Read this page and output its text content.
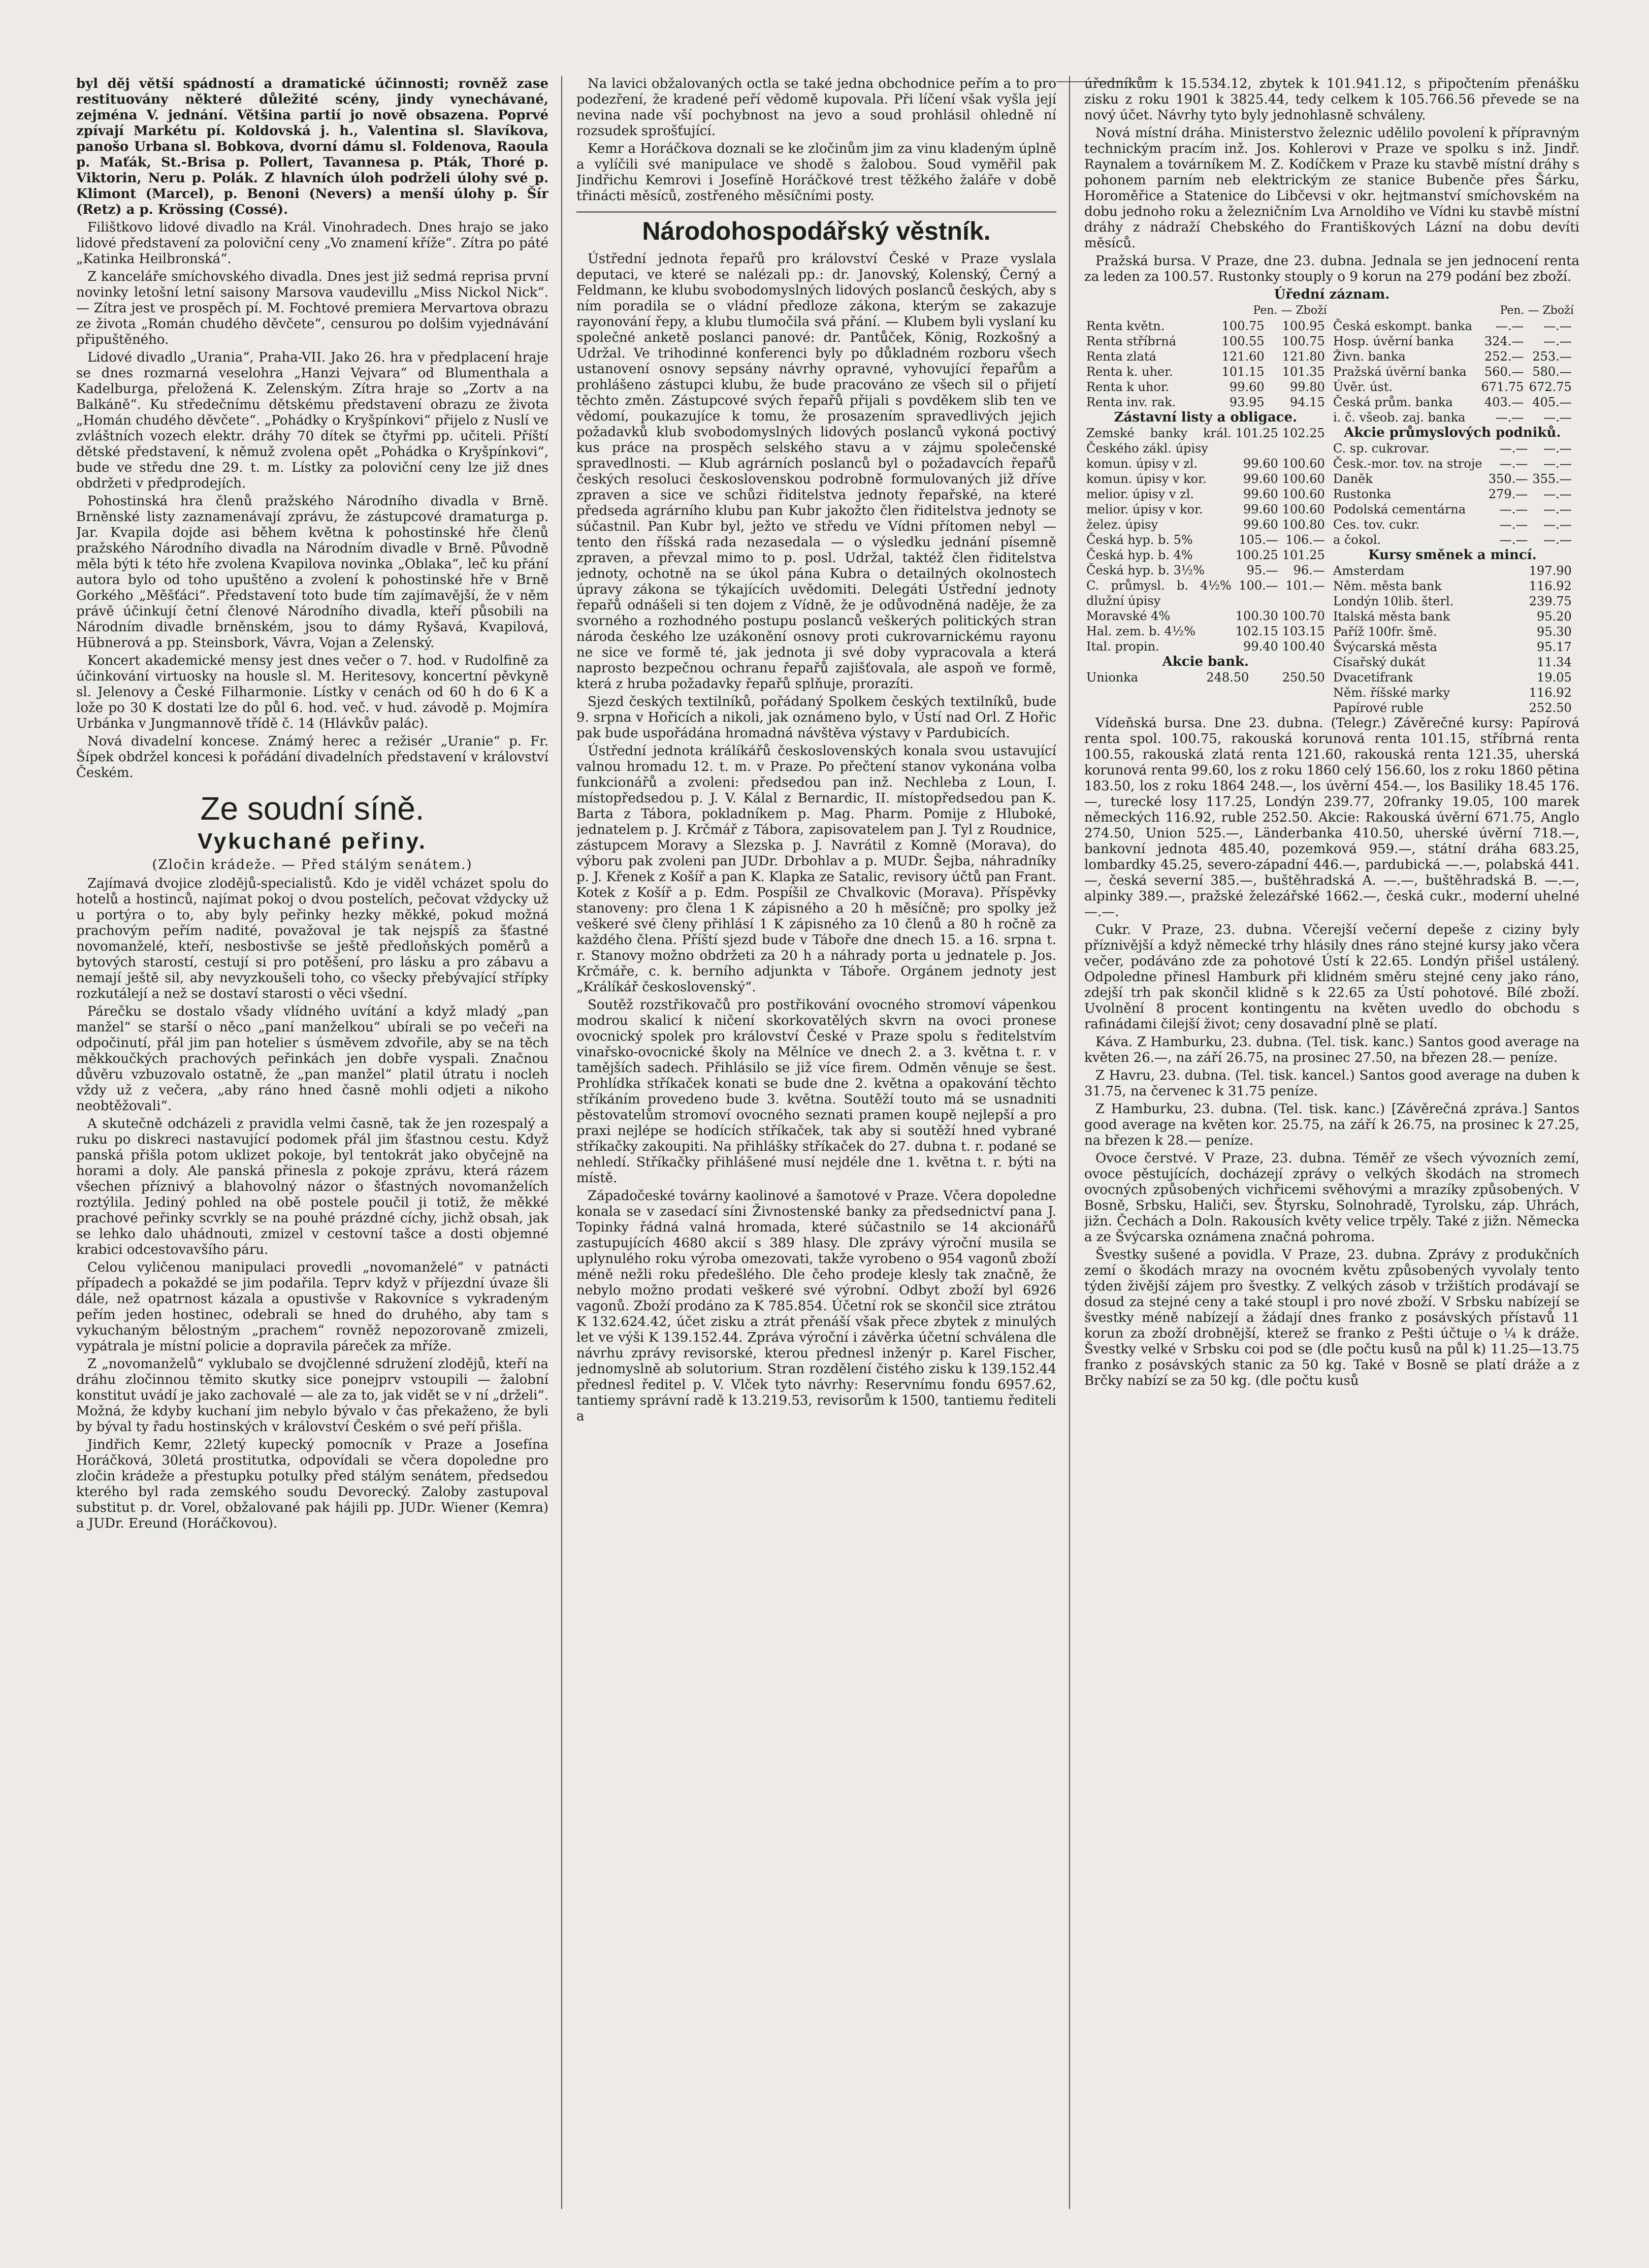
byl děj větší spádností a dramatické účinnosti; rovněž zase restituovány některé důležité scény, jindy vynechávané, zejména V. jednání. Většina partií jo nově obsazena. Poprvé zpívají Markétu pí. Koldovská j. h., Valentina sl. Slavíkova, panošo Urbana sl. Bobkova, dvorní dámu sl. Foldenova, Raoula p. Maťák, St.-Brisa p. Pollert, Tavannesa p. Pták, Thoré p. Viktorin, Neru p. Polák. Z hlavních úloh podrželi úlohy své p. Klimont (Marcel), p. Benoni (Nevers) a menší úlohy p. Šír (Retz) a p. Krössing (Cossé).

Filištkovo lidové divadlo na Král. Vinohradech. Dnes hrajo se jako lidové představení za poloviční ceny „Vo znamení kříže“. Zítra po páté „Katinka Heilbronská“.

Z kanceláře smíchovského divadla. Dnes jest již sedmá reprisa první novinky letošní letní saisony Marsova vaudevillu „Miss Nickol Nick“. — Zítra jest ve prospěch pí. M. Fochtové premiera Mervartova obrazu ze života „Román chudého děvčete“, censurou po dolšim vyjednávání připuštěného.

Lidové divadlo „Urania“, Praha-VII. Jako 26. hra v předplacení hraje se dnes rozmarná veselohra „Hanzi Vejvara“ od Blumenthala a Kadelburga, přeložená K. Zelenským. Zítra hraje so „Zortv a na Balkáně“. Ku středečnímu dětskému představení obrazu ze života „Homán chudého děvčete“. „Pohádky o Kryšpínkovi“ přijelo z Nuslí ve zvláštních vozech elektr. dráhy 70 dítek se čtyřmi pp. učiteli. Příští dětské představení, k němuž zvolena opět „Pohádka o Kryšpínkovi“, bude ve středu dne 29. t. m. Lístky za poloviční ceny lze již dnes obdržeti v předprodejích.

Pohostinská hra členů pražského Národního divadla v Brně. Brněnské listy zaznamenávají zprávu, že zástupcové dramaturga p. Jar. Kvapila dojde asi během května k pohostinské hře členů pražského Národního divadla na Národním divadle v Brně. Původně měla býti k této hře zvolena Kvapilova novinka „Oblaka“, leč ku přání autora bylo od toho upuštěno a zvolení k pohostinské hře v Brně Gorkého „Měšťáci“. Představení toto bude tím zajímavější, že v něm právě účinkují četní členové Národního divadla, kteří působili na Národním divadle brněnském, jsou to dámy Ryšavá, Kvapilová, Hübnerová a pp. Steinsbork, Vávra, Vojan a Zelenský.

Koncert akademické mensy jest dnes večer o 7. hod. v Rudolfině za účinkování virtuosky na housle sl. M. Heritesovy, koncertní pěvkyně sl. Jelenovy a České Filharmonie. Lístky v cenách od 60 h do 6 K a lože po 30 K dostati lze do půl 6. hod. več. v hud. závodě p. Mojmíra Urbánka v Jungmannově třídě č. 14 (Hlávkův palác).

Nová divadelní koncese. Známý herec a režisér „Uranie“ p. Fr. Šípek obdržel koncesi k pořádání divadelních představení v království Českém.

Ze soudní síně.
Vykuchané peřiny.

(Zločin krádeže. — Před stálým senátem.)

Zajímavá dvojice zlodějů-specialistů. Kdo je viděl vcházet spolu do hotelů a hostinců, najímat pokoj o dvou postelích, pečovat vždycky už u portýra o to, aby byly peřinky hezky měkké, pokud možná prachovým peřím nadité, považoval je tak nejspíš za šťastné novomanželé, kteří, nesbostivše se ještě předloňských poměrů a bytových starostí, cestují si pro potěšení, pro lásku a pro zábavu a nemají ještě sil, aby nevyzkoušeli toho, co všecky přebývající střípky rozkutálejí a než se dostaví starosti o věci všední.

Párečku se dostalo všady vlídného uvítání a když mladý „pan manžel“ se starší o něco „paní manželkou“ ubírali se po večeři na odpočinutí, přál jim pan hotelier s úsměvem zdvořile, aby se na těch měkkoučkých prachových peřinkách jen dobře vyspali. Značnou důvěru vzbuzovalo ostatně, že „pan manžel“ platil útratu i nocleh vždy už z večera, „aby ráno hned časně mohli odjeti a nikoho neobtěžovali“.

A skutečně odcházeli z pravidla velmi časně, tak že jen rozespalý a ruku po diskreci nastavující podomek přál jim šťastnou cestu. Když panská přišla potom uklizet pokoje, byl tentokrát jako obyčejně na horami a doly. Ale panská přinesla z pokoje zprávu, která rázem všechen příznivý a blahovolný názor o šťastných novomanželích roztýlila. Jediný pohled na obě postele poučil ji totiž, že měkké prachové peřinky scvrkly se na pouhé prázdné cíchy, jichž obsah, jak se lehko dalo uhádnouti, zmizel v cestovní tašce a dosti objemné krabici odcestovavšího páru.

Celou vyličenou manipulaci provedli „novomanželé“ v patnácti případech a pokaždé se jim podařila. Teprv když v příjezdní úvaze šli dále, než opatrnost kázala a opustivše v Rakovníce s vykradeným peřím jeden hostinec, odebrali se hned do druhého, aby tam s vykuchaným bělostným „prachem“ rovněž nepozorovaně zmizeli, vypátrala je místní policie a dopravila páreček za mříže.

Z „novomanželů“ vyklubalo se dvojčlenné sdružení zlodějů, kteří na dráhu zločinnou těmito skutky sice ponejprv vstoupili — žalobní konstitut uvádí je jako zachovalé — ale za to, jak vidět se v ní „drželi“. Možná, že kdyby kuchaní jim nebylo bývalo v čas překaženo, že byli by býval ty řadu hostinských v království Českém o své peří přišla.

Jindřich Kemr, 22letý kupecký pomocník v Praze a Josefína Horáčková, 30letá prostitutka, odpovídali se včera dopoledne pro zločin krádeže a přestupku potulky před stálým senátem, předsedou kterého byl rada zemského soudu Devorecký. Zaloby zastupoval substitut p. dr. Vorel, obžalované pak hájili pp. JUDr. Wiener (Kemra) a JUDr. Ereund (Horáčkovou).

Na lavici obžalovaných octla se také jedna obchodnice peřím a to pro podezření, že kradené peří vědomě kupovala. Při líčení však vyšla její nevina nade vší pochybnost na jevo a soud prohlásil ohledně ní rozsudek sprošťující.

Kemr a Horáčkova doznali se ke zločinům jim za vinu kladeným úplně a vylíčili své manipulace ve shodě s žalobou. Soud vyměřil pak Jindřichu Kemrovi i Josefíně Horáčkové trest těžkého žaláře v době třinácti měsíců, zostřeného měsíčními posty.

Národohospodářský věstník.

Ústřední jednota řepařů pro království České v Praze vyslala deputaci, ve které se nalézali pp.: dr. Janovský, Kolenský, Černý a Feldmann, ke klubu svobodomyslných lidových poslanců českých, aby s ním poradila se o vládní předloze zákona, kterým se zakazuje rayonování řepy, a klubu tlumočila svá přání. — Klubem byli vyslaní ku společné anketě poslanci panové: dr. Pantůček, König, Rozkošný a Udržal. Ve trihodinné konferenci byly po důkladném rozboru všech ustanovení osnovy sepsány návrhy opravné, vyhovující řepařům a prohlášeno zástupci klubu, že bude pracováno ze všech sil o přijetí těchto změn. Zástupcové svých řepařů přijali s povděkem slib ten ve vědomí, poukazujíce k tomu, že prosazením spravedlivých jejich požadavků klub svobodomyslných lidových poslanců vykoná poctivý kus práce na prospěch selského stavu a v zájmu společenské spravedlnosti. — Klub agrárních poslanců byl o požadavcích řepařů českých resoluci československou podrobně formulovaných již dříve zpraven a sice ve schůzi řiditelstva jednoty řepařské, na které předseda agrárního klubu pan Kubr jakožto člen řiditelstva jednoty se súčastnil. Pan Kubr byl, ježto ve středu ve Vídni přítomen nebyl — tento den říšská rada nezasedala — o výsledku jednání písemně zpraven, a převzal mimo to p. posl. Udržal, taktéž člen řiditelstva jednoty, ochotně na se úkol pána Kubra o detailných okolnostech úpravy zákona se týkajících uvědomiti. Delegáti Ústřední jednoty řepařů odnášeli si ten dojem z Vídně, že je odůvodněná naděje, že za svorného a rozhodného postupu poslanců veškerých politických stran národa českého lze uzákonění osnovy proti cukrovarnickému rayonu ne sice ve formě té, jak jednota ji své doby vypracovala a která naprosto bezpečnou ochranu řepařů zajišťovala, ale aspoň ve formě, která z hruba požadavky řepařů splňuje, prorazíti.

Sjezd českých textilníků, pořádaný Spolkem českých textilníků, bude 9. srpna v Hořicích a nikoli, jak oznámeno bylo, v Ústí nad Orl. Z Hořic pak bude uspořádána hromadná návštěva výstavy v Pardubicích.

Ústřední jednota králíkářů československých konala svou ustavující valnou hromadu 12. t. m. v Praze. Po přečtení stanov vykonána volba funkcionářů a zvoleni: předsedou pan inž. Nechleba z Loun, I. místopředsedou p. J. V. Kálal z Bernardic, II. místopředsedou pan K. Barta z Tábora, pokladníkem p. Mag. Pharm. Pomije z Hluboké, jednatelem p. J. Krčmář z Tábora, zapisovatelem pan J. Tyl z Roudnice, zástupcem Moravy a Slezska p. J. Navrátil z Komně (Morava), do výboru pak zvoleni pan JUDr. Drbohlav a p. MUDr. Šejba, náhradníky p. J. Křenek z Košíř a pan K. Klapka ze Satalic, revisory účtů pan Frant. Kotek z Košíř a p. Edm. Pospíšil ze Chvalkovic (Morava). Příspěvky stanoveny: pro člena 1 K zápisného a 20 h měsíčně; pro spolky jež veškeré své členy přihlásí 1 K zápisného za 10 členů a 80 h ročně za každého člena. Příští sjezd bude v Táboře dne dnech 15. a 16. srpna t. r. Stanovy možno obdržeti za 20 h a náhrady porta u jednatele p. Jos. Krčmáře, c. k. berního adjunkta v Táboře. Orgánem jednoty jest „Králíkář československý“.

Soutěž rozstřikovačů pro postřikování ovocného stromoví vápenkou modrou skalicí k ničení skorkovatělých skvrn na ovoci pronese ovocnický spolek pro království České v Praze spolu s ředitelstvím vinařsko-ovocnické školy na Mělníce ve dnech 2. a 3. května t. r. v tamějších sadech. Přihlásilo se již více firem. Odměn věnuje se šest. Prohlídka stříkaček konati se bude dne 2. května a opakování těchto stříkáním provedeno bude 3. května. Soutěží touto má se usnadniti pěstovatelům stromoví ovocného seznati pramen koupě nejlepší a pro praxi nejlépe se hodících stříkaček, tak aby si soutěží hned vybrané stříkačky zakoupiti. Na přihlášky stříkaček do 27. dubna t. r. podané se nehledí. Stříkačky přihlášené musí nejdéle dne 1. května t. r. býti na místě.

Západočeské továrny kaolinové a šamotové v Praze. Včera dopoledne konala se v zasedací síni Živnostenské banky za předsednictví pana J. Topinky řádná valná hromada, které súčastnilo se 14 akcionářů zastupujících 4680 akcií s 389 hlasy. Dle zprávy výroční musila se uplynulého roku výroba omezovati, takže vyrobeno o 954 vagonů zboží méně nežli roku předešlého. Dle čeho prodeje klesly tak značně, že nebylo možno prodati veškeré své výrobní. Odbyt zboží byl 6926 vagonů. Zboží prodáno za K 785.854. Účetní rok se skončil sice ztrátou K 132.624.42, účet zisku a ztrát přenáší však přece zbytek z minulých let ve výši K 139.152.44. Zpráva výroční i závěrka účetní schválena dle návrhu zprávy revisorské, kterou přednesl inženýr p. Karel Fischer, jednomyslně ab solutorium. Stran rozdělení čistého zisku k 139.152.44 přednesl ředitel p. V. Vlček tyto návrhy: Reservnímu fondu 6957.62, tantiemy správní radě k 13.219.53, revisorům k 1500, tantiemu řediteli a

úředníkům k 15.534.12, zbytek k 101.941.12, s připočtením přenášku zisku z roku 1901 k 3825.44, tedy celkem k 105.766.56 převede se na nový účet. Návrhy tyto byly jednohlasně schváleny.

Nová místní dráha. Ministerstvo železnic udělilo povolení k přípravným technickým pracím inž. Jos. Kohlerovi v Praze ve spolku s inž. Jindř. Raynalem a továrníkem M. Z. Kodíčkem v Praze ku stavbě místní dráhy s pohonem parním neb elektrickým ze stanice Bubenče přes Šárku, Horoměřice a Statenice do Libčevsi v okr. hejtmanství smíchovském na dobu jednoho roku a železničním Lva Arnoldiho ve Vídni ku stavbě místní dráhy z nádraží Chebského do Františkových Lázní na dobu devíti měsíců.

Pražská bursa. V Praze, dne 23. dubna. Jednala se jen jednocení renta za leden za 100.57. Rustonky stouply o 9 korun na 279 podání bez zboží.

Úřední záznam.
Pen. — Zboží
Renta květn.	100.75	100.95
Renta stříbrná	100.55	100.75
Renta zlatá	121.60	121.80
Renta k. uher.	101.15	101.35
Renta k uhor.	99.60	99.80
Renta inv. rak.	93.95	94.15
Zástavní listy a obligace.
Zemské banky král. Českého zákl. úpisy	101.25	102.25
komun. úpisy v zl.	99.60	100.60
komun. úpisy v kor.	99.60	100.60
melior. úpisy v zl.	99.60	100.60
melior. úpisy v kor.	99.60	100.60
želez. úpisy	99.60	100.80
Česká hyp. b. 5%	105.—	106.—
Česká hyp. b. 4%	100.25	101.25
Česká hyp. b. 3½%	95.—	96.—
C. průmysl. b. 4½% dlužní úpisy	100.—	101.—
Moravské 4%	100.30	100.70
Hal. zem. b. 4½%	102.15	103.15
Ital. propin.	99.40	100.40
Akcie bank.
Unionka	248.50	250.50

Pen. — Zboží
Česká eskompt. banka	—.—	—.—
Hosp. úvěrní banka	324.—	—.—
Živn. banka	252.—	253.—
Pražská úvěrní banka	560.—	580.—
Úvěr. úst.	671.75	672.75
Česká prům. banka	403.—	405.—
i. č. všeob. zaj. banka	—.—	—.—
Akcie průmyslových podniků.
C. sp. cukrovar.	—.—	—.—
Česk.-mor. tov. na stroje	—.—	—.—
Daněk	350.—	355.—
Rustonka	279.—	—.—
Podolská cementárna	—.—	—.—
Ces. tov. cukr.	—.—	—.—
a čokol.	—.—	—.—
Kursy směnek a mincí.
Amsterdam	197.90
Něm. města bank	116.92
Londýn 10lib. šterl.	239.75
Italská města bank	95.20
Paříž 100fr. šmě.	95.30
Švýcarská města	95.17
Císařský dukát	11.34
Dvacetifrank	19.05
Něm. říšské marky	116.92
Papírové ruble	252.50

Vídeňská bursa. Dne 23. dubna. (Telegr.) Závěrečné kursy: Papírová renta spol. 100.75, rakouská korunová renta 101.15, stříbrná renta 100.55, rakouská zlatá renta 121.60, rakouská renta 121.35, uherská korunová renta 99.60, los z roku 1860 celý 156.60, los z roku 1860 pětina 183.50, los z roku 1864 248.—, los úvěrní 454.—, los Basiliky 18.45 176.—, turecké losy 117.25, Londýn 239.77, 20franky 19.05, 100 marek německých 116.92, ruble 252.50. Akcie: Rakouská úvěrní 671.75, Anglo 274.50, Union 525.—, Länderbanka 410.50, uherské úvěrní 718.—, bankovní jednota 485.40, pozemková 959.—, státní dráha 683.25, lombardky 45.25, severo-západní 446.—, pardubická —.—, polabská 441.—, česká severní 385.—, buštěhradská A. —.—, buštěhradská B. —.—, alpinky 389.—, pražské železářské 1662.—, česká cukr., moderní uhelné —.—.

Cukr. V Praze, 23. dubna. Včerejší večerní depeše z ciziny byly příznivější a když německé trhy hlásily dnes ráno stejné kursy jako včera večer, podáváno zde za pohotové Ústí k 22.65. Londýn přišel ustálený. Odpoledne přinesl Hamburk při klidném směru stejné ceny jako ráno, zdejší trh pak skončil klidně s k 22.65 za Ústí pohotové. Bílé zboží. Uvolnění 8 procent kontingentu na květen uvedlo do obchodu s rafinádami čilejší život; ceny dosavadní plně se platí.

Káva. Z Hamburku, 23. dubna. (Tel. tisk. kanc.) Santos good average na květen 26.—, na září 26.75, na prosinec 27.50, na březen 28.— peníze.

Z Havru, 23. dubna. (Tel. tisk. kancel.) Santos good average na duben k 31.75, na červenec k 31.75 peníze.

Z Hamburku, 23. dubna. (Tel. tisk. kanc.) [Závěrečná zpráva.] Santos good average na květen kor. 25.75, na září k 26.75, na prosinec k 27.25, na březen k 28.— peníze.

Ovoce čerstvé. V Praze, 23. dubna. Téměř ze všech vývozních zemí, ovoce pěstujících, docházejí zprávy o velkých škodách na stromech ovocných způsobených vichřicemi svěhovými a mrazíky způsobených. V Bosně, Srbsku, Haliči, sev. Štyrsku, Solnohradě, Tyrolsku, záp. Uhrách, jižn. Čechách a Doln. Rakousích květy velice trpěly. Také z jižn. Německa a ze Švýcarska oznámena značná pohroma.

Švestky sušené a povidla. V Praze, 23. dubna. Zprávy z produkčních zemí o škodách mrazy na ovocném květu způsobených vyvolaly tento týden živější zájem pro švestky. Z velkých zásob v tržištích prodávají se dosud za stejné ceny a také stoupl i pro nové zboží. V Srbsku nabízejí se švestky méně nabízejí a žádají dnes franko z posávských přístavů 11 korun za zboží drobnější, kterež se franko z Pešti účtuje o ¼ k dráže. Švestky velké v Srbsku coi pod se (dle počtu kusů na půl k) 11.25—13.75 franko z posávských stanic za 50 kg. Také v Bosně se platí dráže a z Brčky nabízí se za 50 kg. (dle počtu kusů
